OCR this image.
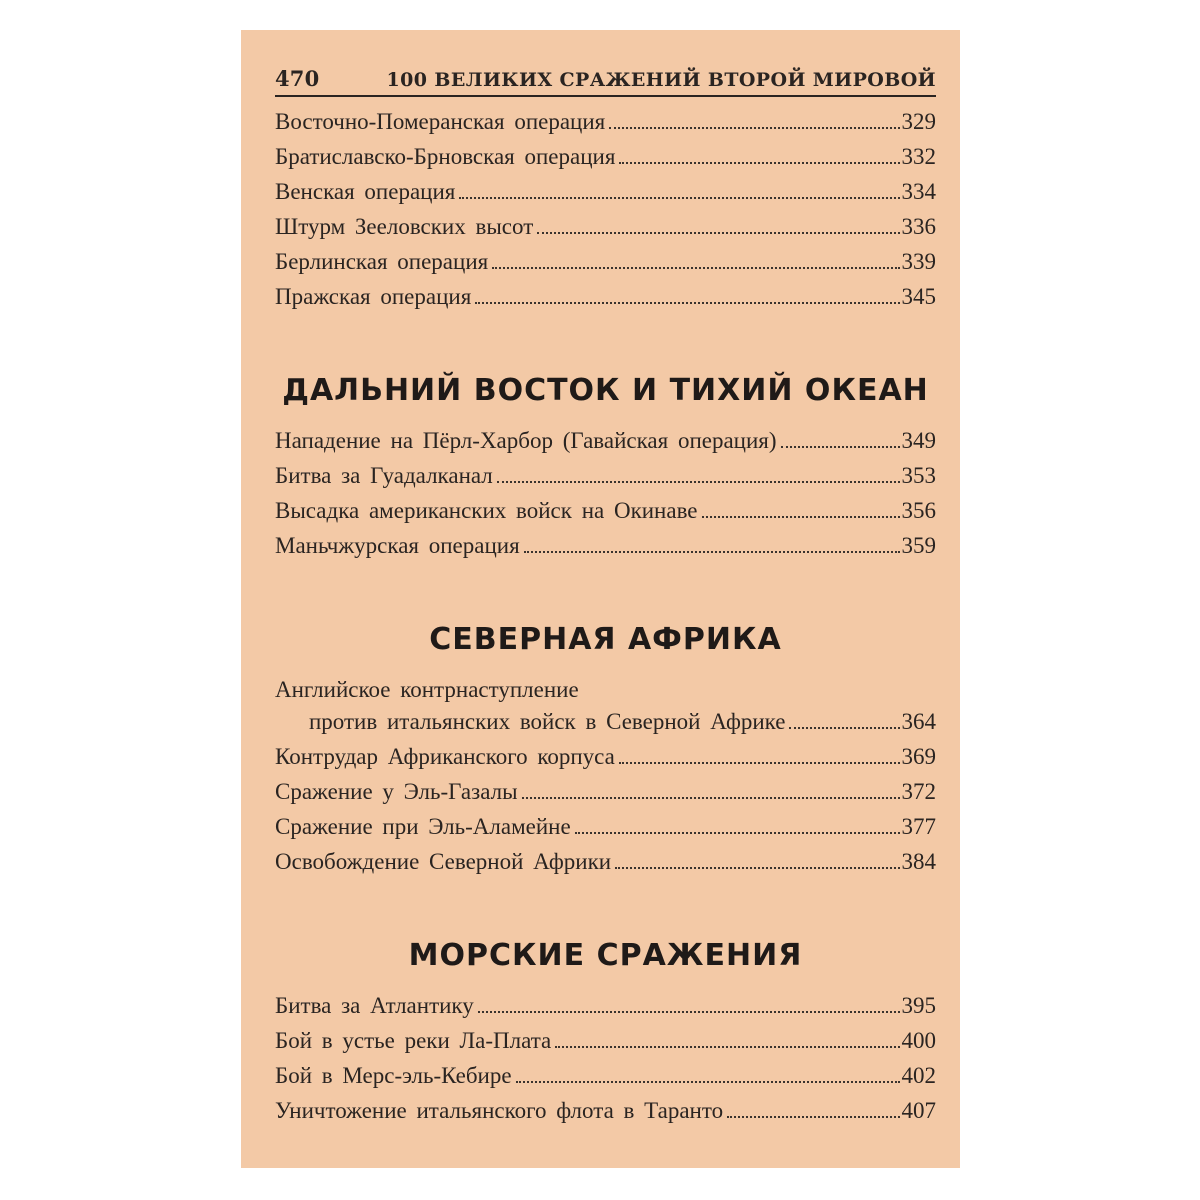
470	100 ВЕЛИКИХ СРАЖЕНИЙ ВТОРОЙ МИРОВОЙ
Восточно-Померанская операция	329
Братиславско-Брновская операция	332
Венская операция	334
Штурм Зееловских высот	336
Берлинская операция	339
Пражская операция	345
ДАЛЬНИЙ ВОСТОК И ТИХИЙ ОКЕАН
Нападение на Пёрл-Харбор (Гавайская операция)	349
Битва за Гуадалканал	353
Высадка американских войск на Окинаве	356
Маньчжурская операция	359
СЕВЕРНАЯ АФРИКА
Английское контрнаступление
против итальянских войск в Северной Африке	364
Контрудар Африканского корпуса	369
Сражение у Эль-Газалы	372
Сражение при Эль-Аламейне	377
Освобождение Северной Африки	384
МОРСКИЕ СРАЖЕНИЯ
Битва за Атлантику	395
Бой в устье реки Ла-Плата	400
Бой в Мерс-эль-Кебире	402
Уничтожение итальянского флота в Таранто	407
